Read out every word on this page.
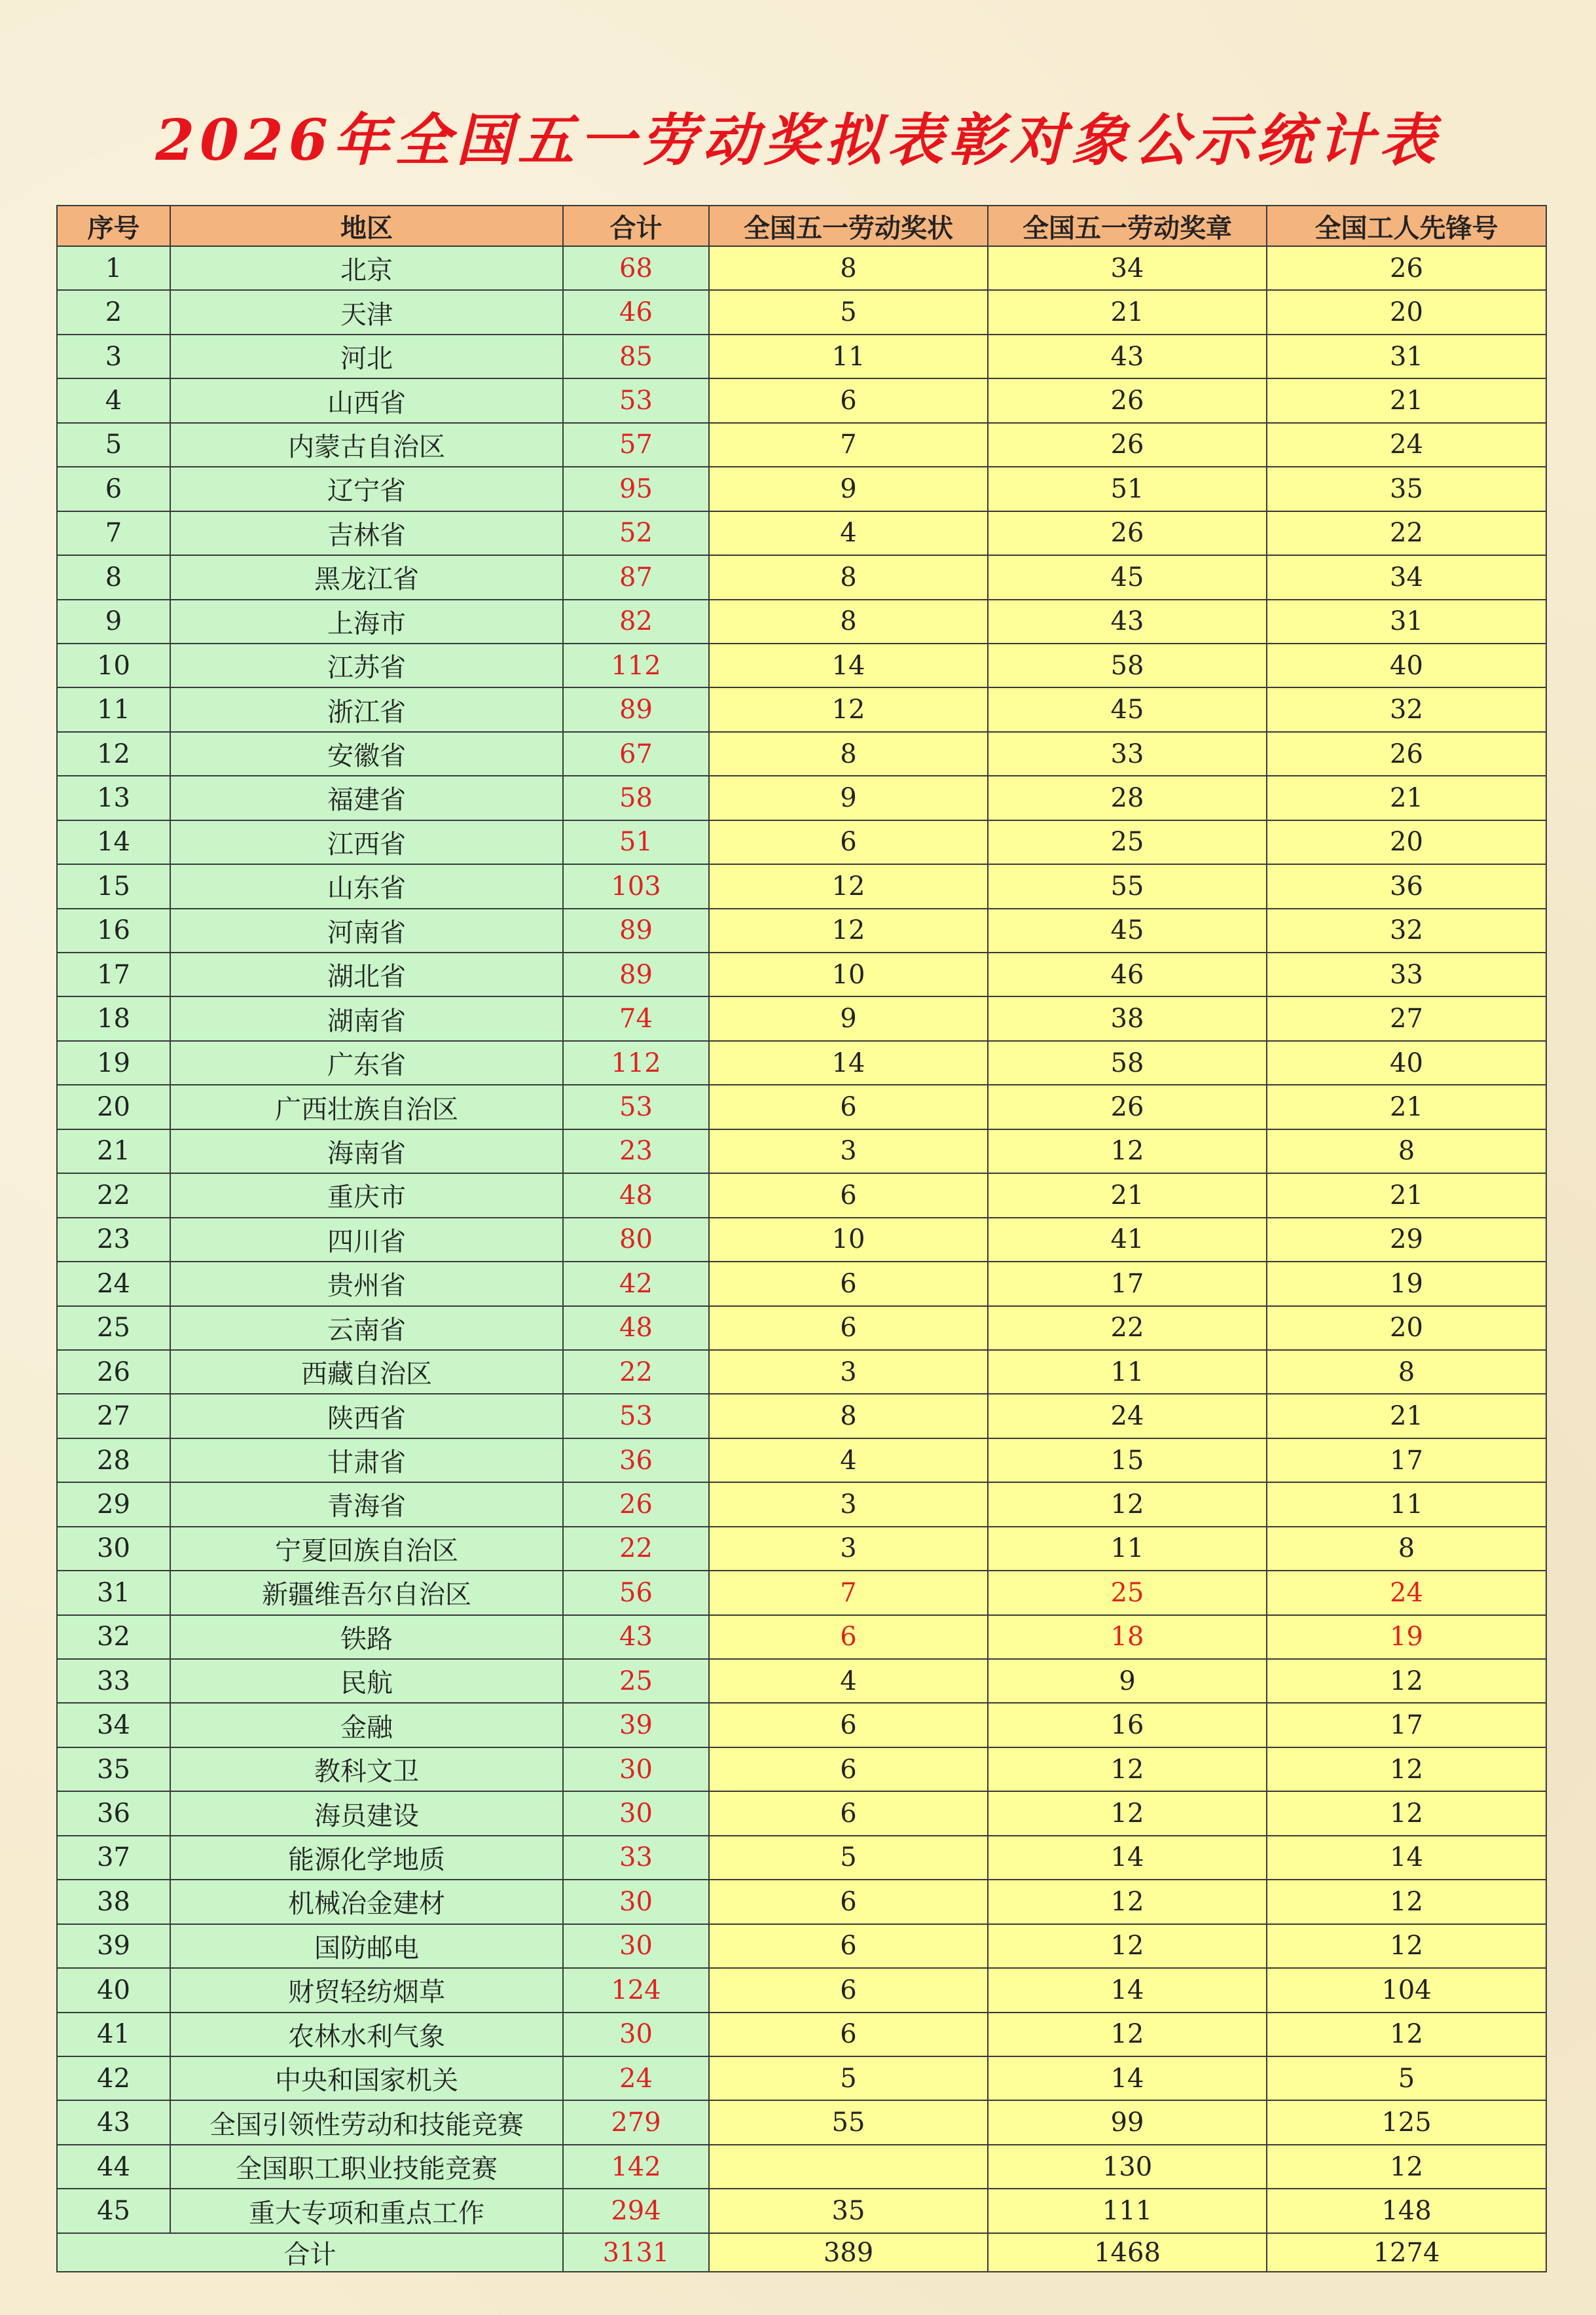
2026年全国五一劳动奖拟表彰对象公示统计表
序号	地区	合计	全国五一劳动奖状	全国五一劳动奖章	全国工人先锋号
1	北京	68	8	34	26
2	天津	46	5	21	20
3	河北	85	11	43	31
4	山西省	53	6	26	21
5	内蒙古自治区	57	7	26	24
6	辽宁省	95	9	51	35
7	吉林省	52	4	26	22
8	黑龙江省	87	8	45	34
9	上海市	82	8	43	31
10	江苏省	112	14	58	40
11	浙江省	89	12	45	32
12	安徽省	67	8	33	26
13	福建省	58	9	28	21
14	江西省	51	6	25	20
15	山东省	103	12	55	36
16	河南省	89	12	45	32
17	湖北省	89	10	46	33
18	湖南省	74	9	38	27
19	广东省	112	14	58	40
20	广西壮族自治区	53	6	26	21
21	海南省	23	3	12	8
22	重庆市	48	6	21	21
23	四川省	80	10	41	29
24	贵州省	42	6	17	19
25	云南省	48	6	22	20
26	西藏自治区	22	3	11	8
27	陕西省	53	8	24	21
28	甘肃省	36	4	15	17
29	青海省	26	3	12	11
30	宁夏回族自治区	22	3	11	8
31	新疆维吾尔自治区	56	7	25	24
32	铁路	43	6	18	19
33	民航	25	4	9	12
34	金融	39	6	16	17
35	教科文卫	30	6	12	12
36	海员建设	30	6	12	12
37	能源化学地质	33	5	14	14
38	机械冶金建材	30	6	12	12
39	国防邮电	30	6	12	12
40	财贸轻纺烟草	124	6	14	104
41	农林水利气象	30	6	12	12
42	中央和国家机关	24	5	14	5
43	全国引领性劳动和技能竞赛	279	55	99	125
44	全国职工职业技能竞赛	142		130	12
45	重大专项和重点工作	294	35	111	148
合计		3131	389	1468	1274
